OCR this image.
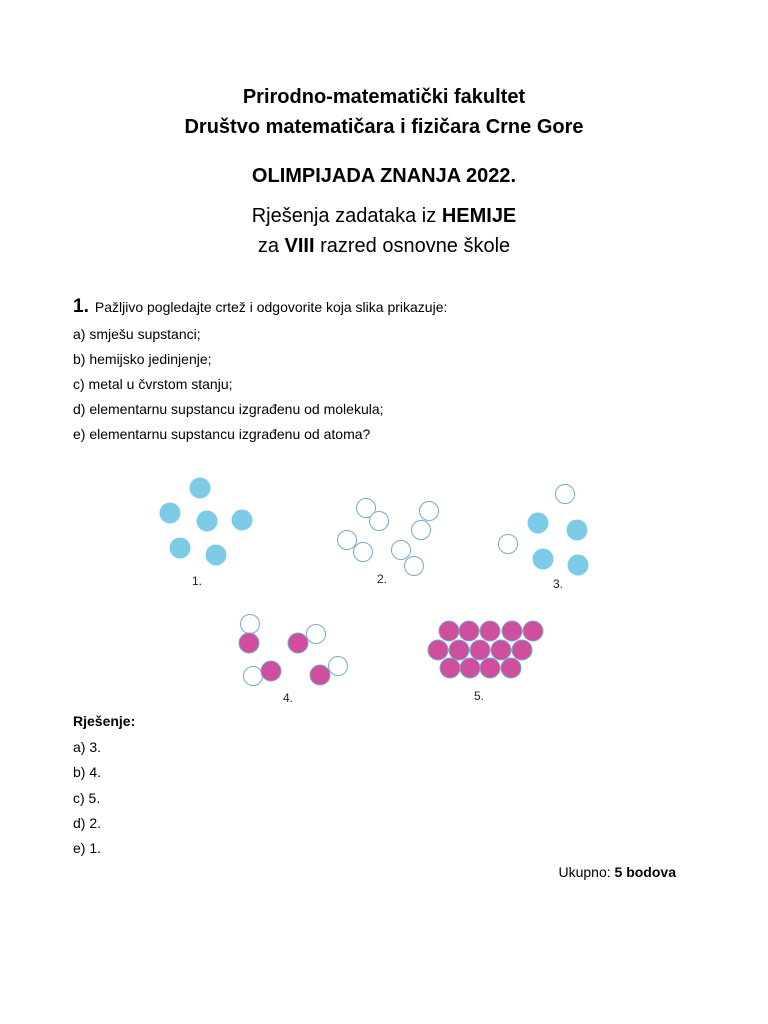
Prirodno-matematički fakultet
Društvo matematičara i fizičara Crne Gore
OLIMPIJADA ZNANJA 2022.
Rješenja zadataka iz HEMIJE
za VIII razred osnovne škole
1. Pažljivo pogledajte crtež i odgovorite koja slika prikazuje:
a) smješu supstanci;
b) hemijsko jedinjenje;
c) metal u čvrstom stanju;
d) elementarnu supstancu izgrađenu od molekula;
e) elementarnu supstancu izgrađenu od atoma?
1.	2.	3.
4.	5.
Rješenje:
a) 3.
b) 4.
c) 5.
d) 2.
e) 1.
Ukupno: 5 bodova
